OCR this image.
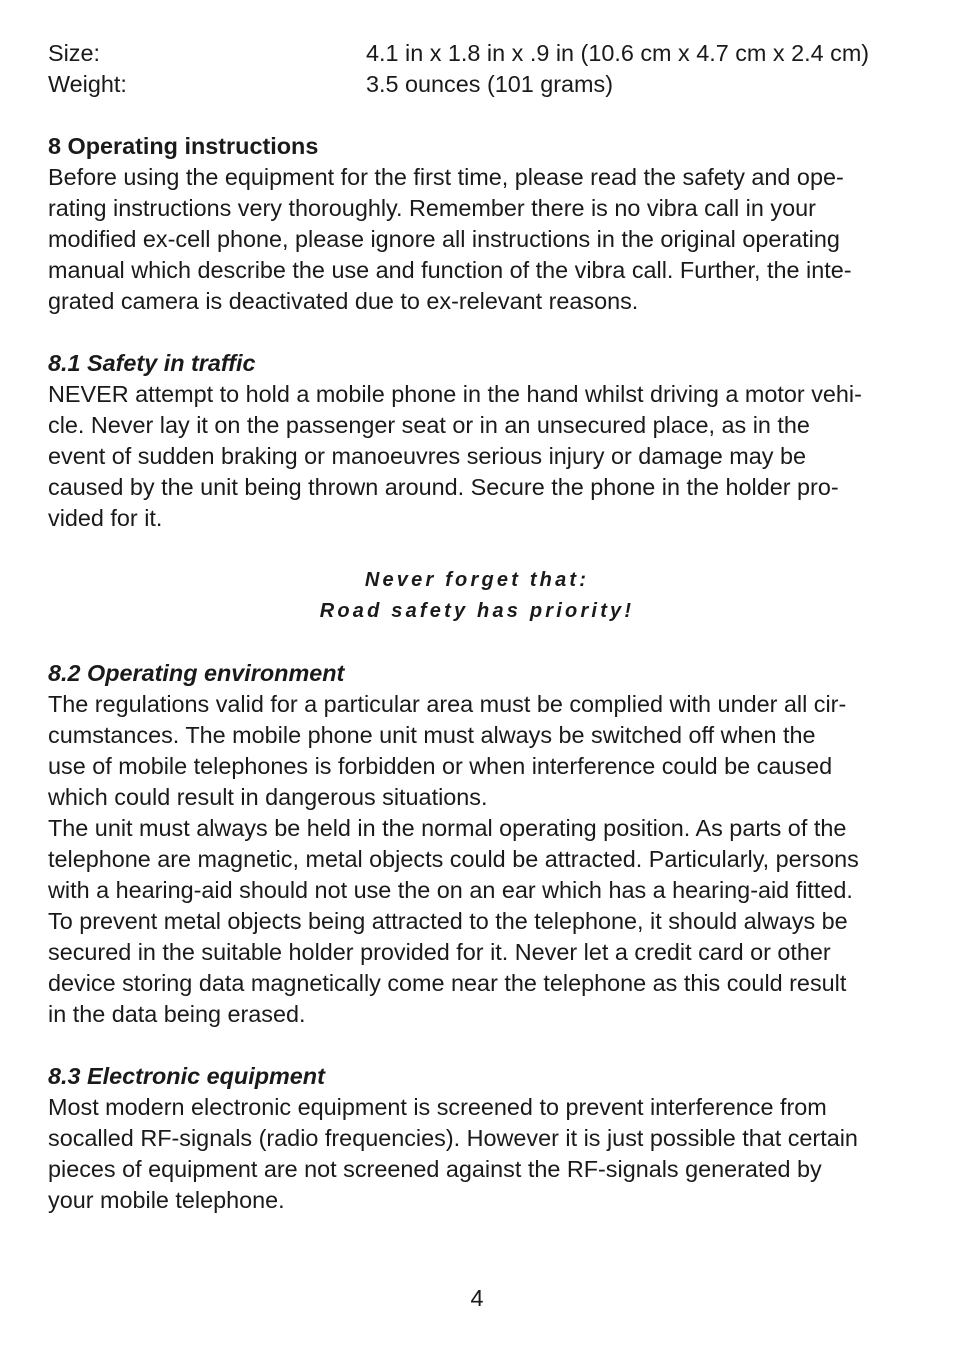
Size:	4.1 in x 1.8 in x .9 in (10.6 cm x 4.7 cm x 2.4 cm)
Weight:	3.5 ounces (101 grams)
8 Operating instructions

Before using the equipment for the first time, please read the safety and ope-
rating instructions very thoroughly. Remember there is no vibra call in your
modified ex-cell phone, please ignore all instructions in the original operating
manual which describe the use and function of the vibra call. Further, the inte-
grated camera is deactivated due to ex-relevant reasons.

8.1 Safety in traffic

NEVER attempt to hold a mobile phone in the hand whilst driving a motor vehi-
cle. Never lay it on the passenger seat or in an unsecured place, as in the
event of sudden braking or manoeuvres serious injury or damage may be
caused by the unit being thrown around. Secure the phone in the holder pro-
vided for it.

Never forget that:
Road safety has priority!
8.2 Operating environment

The regulations valid for a particular area must be complied with under all cir-
cumstances. The mobile phone unit must always be switched off when the
use of mobile telephones is forbidden or when interference could be caused
which could result in dangerous situations.
The unit must always be held in the normal operating position. As parts of the
telephone are magnetic, metal objects could be attracted. Particularly, persons
with a hearing-aid should not use the on an ear which has a hearing-aid fitted.
To prevent metal objects being attracted to the telephone, it should always be
secured in the suitable holder provided for it. Never let a credit card or other
device storing data magnetically come near the telephone as this could result
in the data being erased.

8.3 Electronic equipment

Most modern electronic equipment is screened to prevent interference from
socalled RF-signals (radio frequencies). However it is just possible that certain
pieces of equipment are not screened against the RF-signals generated by
your mobile telephone.

4
